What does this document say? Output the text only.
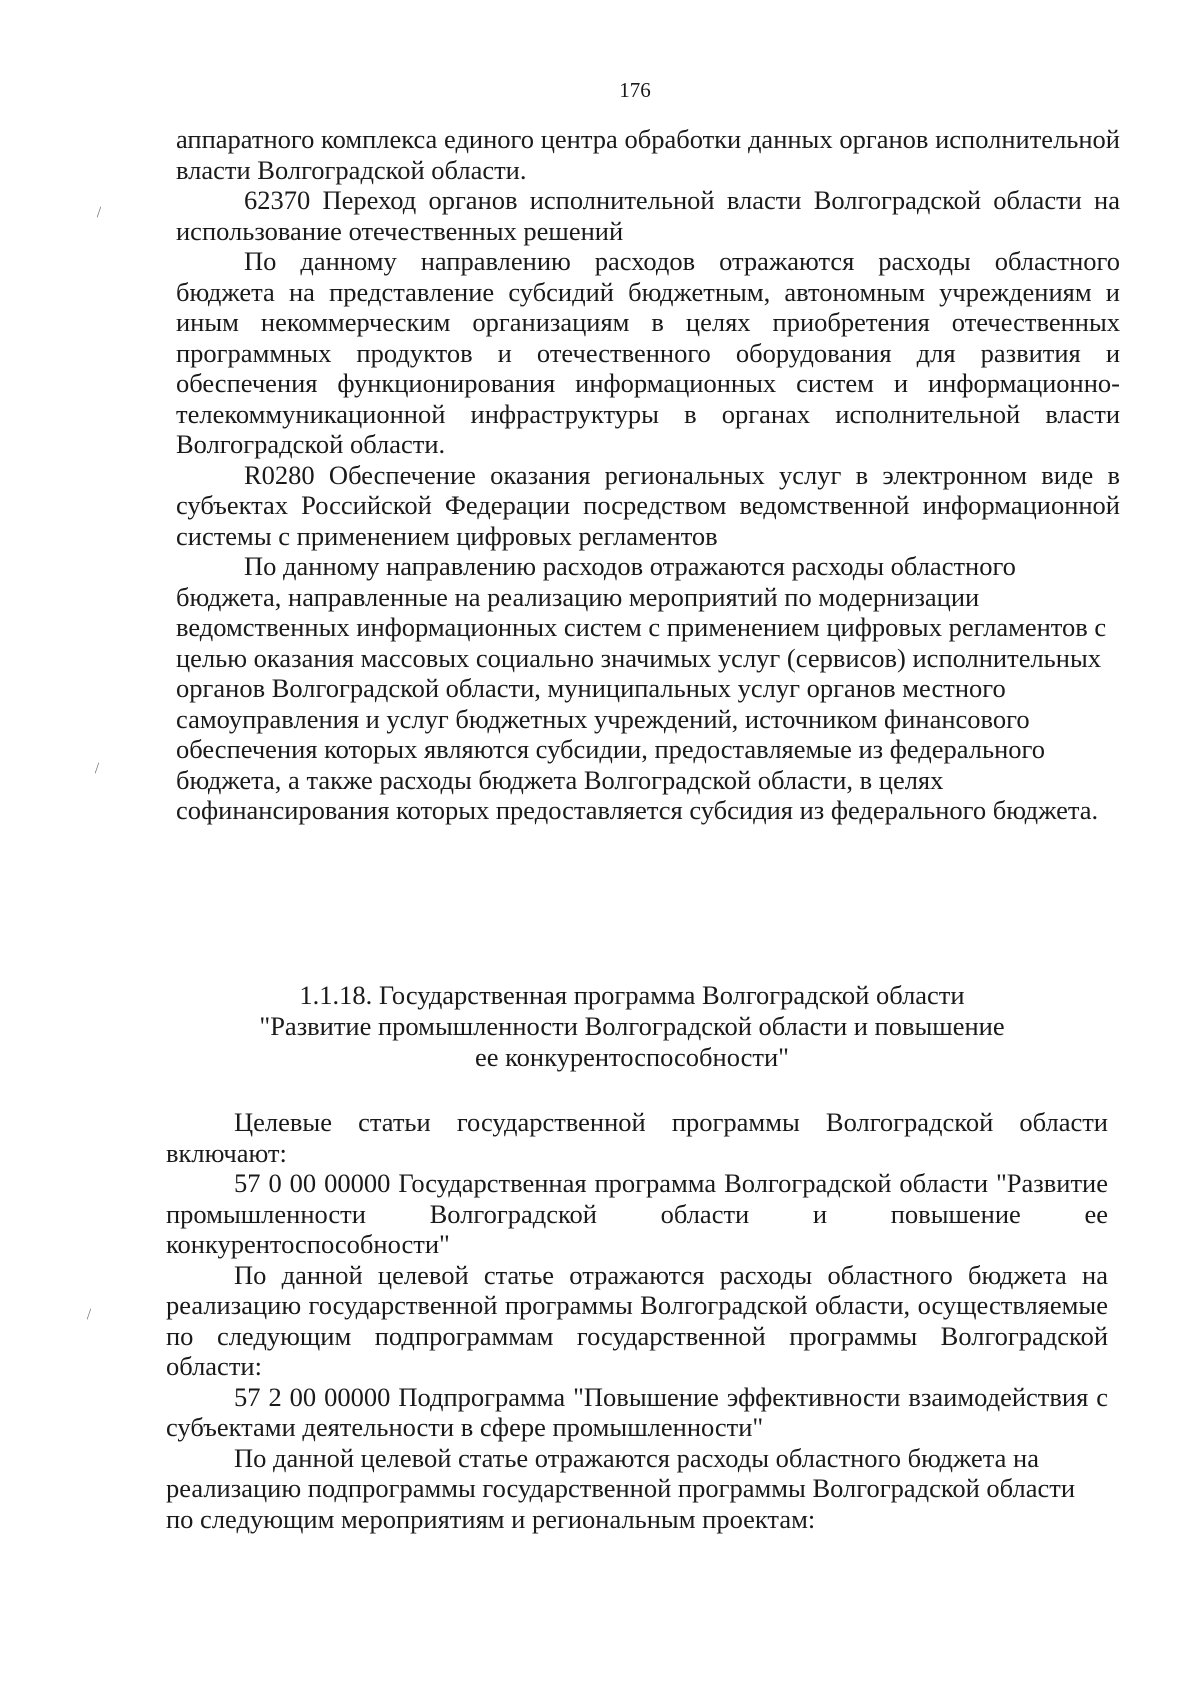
176
\
\
\

аппаратного комплекса единого центра обработки данных органов исполнительной власти Волгоградской области.

62370 Переход органов исполнительной власти Волгоградской области на использование отечественных решений

По данному направлению расходов отражаются расходы областного бюджета на представление субсидий бюджетным, автономным учреждениям и иным некоммерческим организациям в целях приобретения отечественных программных продуктов и отечественного оборудования для развития и обеспечения функционирования информационных систем и информационно-телекоммуникационной инфраструктуры в органах исполнительной власти Волгоградской области.

R0280 Обеспечение оказания региональных услуг в электронном виде в субъектах Российской Федерации посредством ведомственной информационной системы с применением цифровых регламентов

По данному направлению расходов отражаются расходы областного бюджета, направленные на реализацию мероприятий по модернизации ведомственных информационных систем с применением цифровых регламентов с целью оказания массовых социально значимых услуг (сервисов) исполнительных органов Волгоградской области, муниципальных услуг органов местного самоуправления и услуг бюджетных учреждений, источником финансового обеспечения которых являются субсидии, предоставляемые из федерального бюджета, а также расходы бюджета Волгоградской области, в целях софинансирования которых предоставляется субсидия из федерального бюджета.

1.1.18. Государственная программа Волгоградской области
"Развитие промышленности Волгоградской области и повышение
ее конкурентоспособности"

Целевые статьи государственной программы Волгоградской области включают:

57 0 00 00000 Государственная программа Волгоградской области "Развитие промышленности Волгоградской области и повышение ее конкурентоспособности"

По данной целевой статье отражаются расходы областного бюджета на реализацию государственной программы Волгоградской области, осуществляемые по следующим подпрограммам государственной программы Волгоградской области:

57 2 00 00000 Подпрограмма "Повышение эффективности взаимодействия с субъектами деятельности в сфере промышленности"

По данной целевой статье отражаются расходы областного бюджета на реализацию подпрограммы государственной программы Волгоградской области по следующим мероприятиям и региональным проектам:
